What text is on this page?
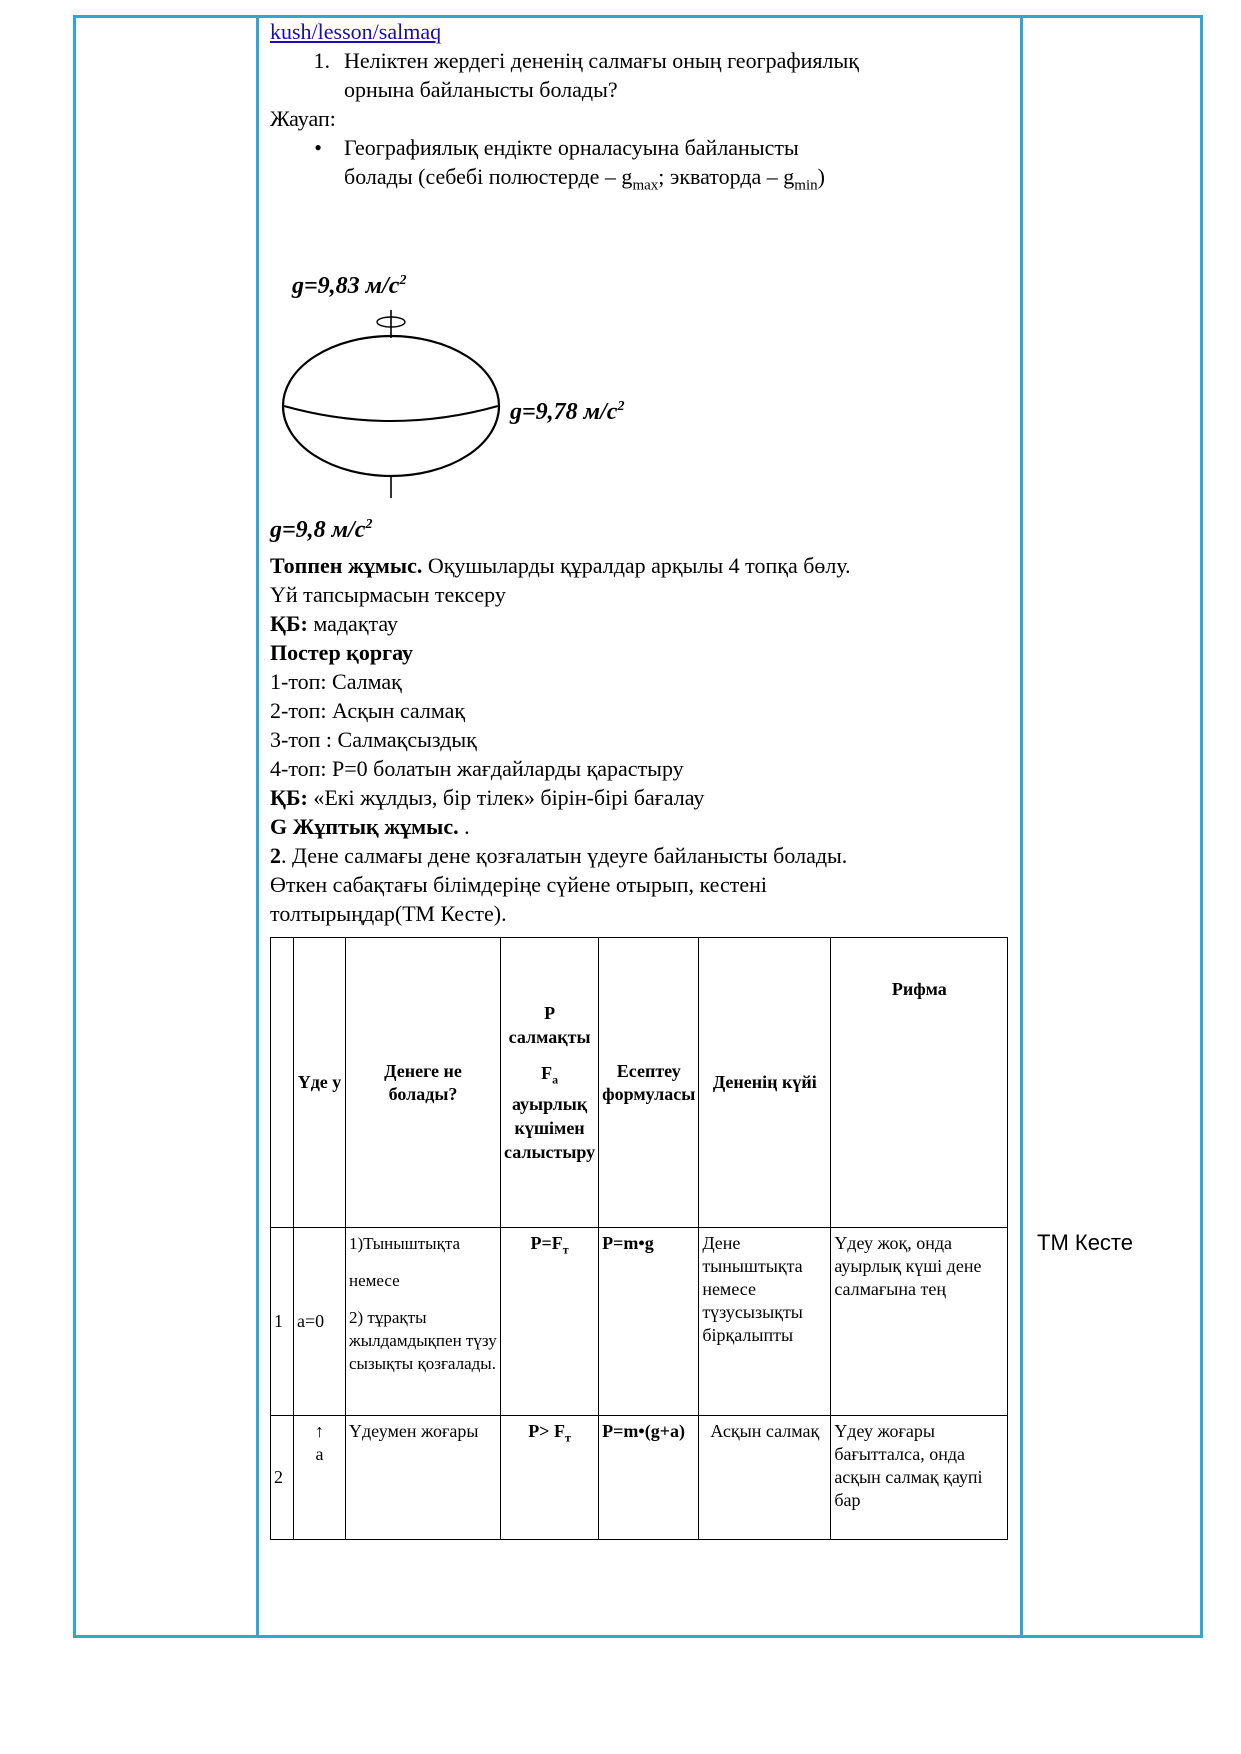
kush/lesson/salmaq
1. Неліктен жердегі дененің салмағы оның географиялық
орнына байланысты болады?
Жауап:
•	Географиялық ендікте орналасуына байланысты
болады (себебі полюстерде – $g_{max}$; экваторда – $g_{min}$)
g=9,83 $м/с^2$
g=9,78 $м/с^2$
g=9,8 $м/с^2$
Топпен жұмыс. Оқушыларды құралдар арқылы 4 топқа бөлу.
Үй тапсырмасын тексеру
ҚБ: мадақтау
Постер қоргау
1-топ: Салмақ
2-топ: Асқын салмақ
3-топ : Салмақсыздық
4-топ: Р=0 болатын жағдайларды қарастыру
ҚБ: «Екі жұлдыз, бір тілек» бірін-бірі бағалау
G Жұптық жұмыс. .
2. Дене салмағы дене қозғалатын үдеуге байланысты болады.
Өткен сабақтағы білімдеріңе сүйене отырып, кестені
толтырыңдар(ТМ Кесте).
	Үде у	Денеге не болады?	Р салмақты
$F_a$
ауырлық күшімен салыстыру	Есептеу формуласы	Дененің күйі	Рифма
1	a=0	1)Тыныштықта
немесе
2) тұрақты жылдамдықпен түзу сызықты қозғалады.	$P=F_т$	P=m•g	Дене тыныштықта немесе түзусызықты бірқалыпты	Үдеу жоқ, онда ауырлық күші дене салмағына тең
2	↑
a	Үдеумен жоғары	$P> F_т$	P=m•(g+a)	Асқын салмақ	Үдеу жоғары бағытталса, онда асқын салмақ қаупі бар
ТМ Кесте
